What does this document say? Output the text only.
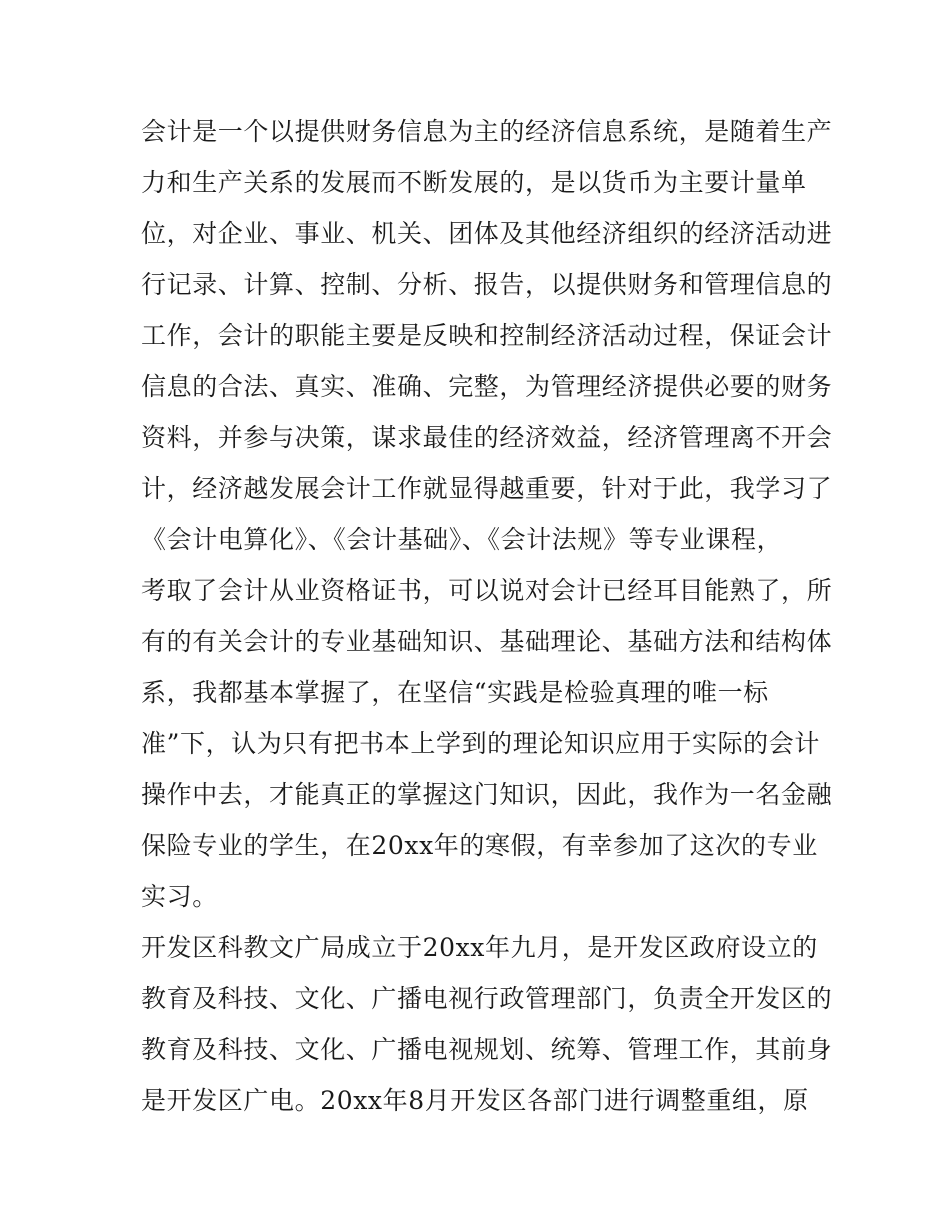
会计是一个以提供财务信息为主的经济信息系统，是随着生产
力和生产关系的发展而不断发展的，是以货币为主要计量单
位，对企业、事业、机关、团体及其他经济组织的经济活动进
行记录、计算、控制、分析、报告，以提供财务和管理信息的
工作，会计的职能主要是反映和控制经济活动过程，保证会计
信息的合法、真实、准确、完整，为管理经济提供必要的财务
资料，并参与决策，谋求最佳的经济效益，经济管理离不开会
计，经济越发展会计工作就显得越重要，针对于此，我学习了
《会计电算化》、《会计基础》、《会计法规》等专业课程，
考取了会计从业资格证书，可以说对会计已经耳目能熟了，所
有的有关会计的专业基础知识、基础理论、基础方法和结构体
系，我都基本掌握了，在坚信“实践是检验真理的唯一标
准”下，认为只有把书本上学到的理论知识应用于实际的会计
操作中去，才能真正的掌握这门知识，因此，我作为一名金融
保险专业的学生，在20xx年的寒假，有幸参加了这次的专业
实习。
开发区科教文广局成立于20xx年九月，是开发区政府设立的
教育及科技、文化、广播电视行政管理部门，负责全开发区的
教育及科技、文化、广播电视规划、统筹、管理工作，其前身
是开发区广电。20xx年8月开发区各部门进行调整重组，原
